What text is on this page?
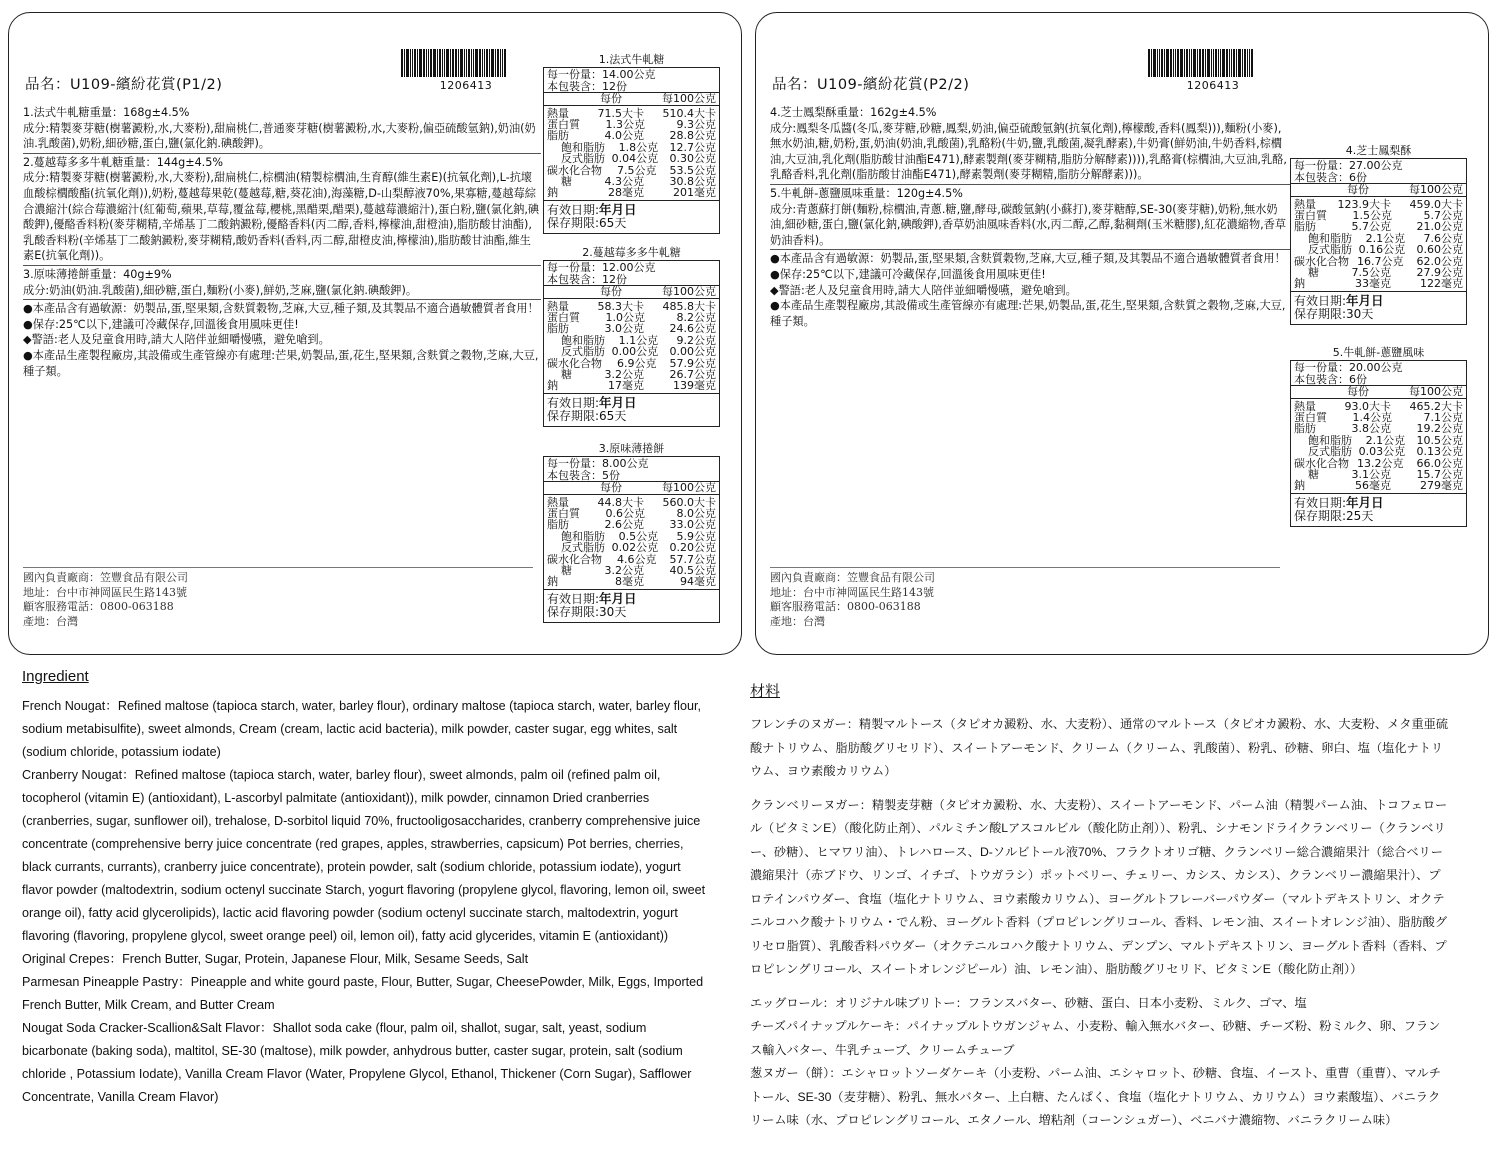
品名：U109-繽紛花賞(P1/2)	1206413
1.法式牛軋糖重量：168g±4.5%
成分:精製麥芽糖(樹薯澱粉,水,大麥粉),甜扁桃仁,普通麥芽糖(樹薯澱粉,水,大麥粉,偏亞硫酸氫鈉),奶油(奶油.乳酸菌),奶粉,細砂糖,蛋白,鹽(氯化鈉.碘酸鉀)。
2.蔓越莓多多牛軋糖重量：144g±4.5%
成分:精製麥芽糖(樹薯澱粉,水,大麥粉),甜扁桃仁,棕櫚油(精製棕櫚油,生育醇(維生素E)(抗氧化劑),L-抗壞血酸棕櫚酸酯(抗氧化劑)),奶粉,蔓越莓果乾(蔓越莓,糖,葵花油),海藻糖,D-山梨醇液70%,果寡糖,蔓越莓綜合濃縮汁(綜合莓濃縮汁(紅葡萄,蘋果,草莓,覆盆莓,櫻桃,黑醋栗,醋栗),蔓越莓濃縮汁),蛋白粉,鹽(氯化鈉,碘酸鉀),優酪香料粉(麥芽糊精,辛烯基丁二酸鈉澱粉,優酪香料(丙二醇,香料,檸檬油,甜橙油),脂肪酸甘油酯),乳酸香料粉(辛烯基丁二酸鈉澱粉,麥芽糊精,酸奶香料(香料,丙二醇,甜橙皮油,檸檬油),脂肪酸甘油酯,維生素E(抗氧化劑))。
3.原味薄捲餅重量：40g±9%
成分:奶油(奶油.乳酸菌),細砂糖,蛋白,麵粉(小麥),鮮奶,芝麻,鹽(氯化鈉.碘酸鉀)。
●本產品含有過敏源：奶製品,蛋,堅果類,含麩質穀物,芝麻,大豆,種子類,及其製品不適合過敏體質者食用！
●保存:25℃以下,建議可冷藏保存,回溫後食用風味更佳!
◆警語:老人及兒童食用時,請大人陪伴並細嚼慢嚥，避免嗆到。
●本產品生產製程廠房,其設備或生產管線亦有處理:芒果,奶製品,蛋,花生,堅果類,含麩質之穀物,芝麻,大豆,種子類。
國內負責廠商：笠豐食品有限公司
地址：台中市神岡區民生路143號
顧客服務電話：0800-063188
產地：台灣
品名：U109-繽紛花賞(P2/2)	1206413
4.芝士鳳梨酥重量：162g±4.5%
成分:鳳梨冬瓜醬(冬瓜,麥芽糖,砂糖,鳳梨,奶油,偏亞硫酸氫鈉(抗氧化劑),檸檬酸,香料(鳳梨))),麵粉(小麥),無水奶油,糖,奶粉,蛋,奶油(奶油,乳酸菌),乳酪粉(牛奶,鹽,乳酸菌,凝乳酵素),牛奶膏(鮮奶油,牛奶香料,棕櫚油,大豆油,乳化劑(脂肪酸甘油酯E471),酵素製劑(麥芽糊精,脂肪分解酵素)))),乳酪膏(棕櫚油,大豆油,乳酪,乳酪香料,乳化劑(脂肪酸甘油酯E471),酵素製劑(麥芽糊精,脂肪分解酵素)))。
5.牛軋餅-蔥鹽風味重量：120g±4.5%
成分:青蔥蘇打餅(麵粉,棕櫚油,青蔥.糖,鹽,酵母,碳酸氫鈉(小蘇打),麥芽糖醇,SE-30(麥芽糖),奶粉,無水奶油,細砂糖,蛋白,鹽(氯化鈉,碘酸鉀),香草奶油風味香料(水,丙二醇,乙醇,黏稠劑(玉米糖膠),紅花濃縮物,香草奶油香料)。
●本產品含有過敏源：奶製品,蛋,堅果類,含麩質穀物,芝麻,大豆,種子類,及其製品不適合過敏體質者食用！
●保存:25℃以下,建議可冷藏保存,回溫後食用風味更佳!
◆警語:老人及兒童食用時,請大人陪伴並細嚼慢嚥，避免嗆到。
●本產品生產製程廠房,其設備或生產管線亦有處理:芒果,奶製品,蛋,花生,堅果類,含麩質之穀物,芝麻,大豆,種子類。
國內負責廠商：笠豐食品有限公司
地址：台中市神岡區民生路143號
顧客服務電話：0800-063188
產地：台灣
1.法式牛軋糖
每一份量：14.00公克
本包裝含：12份
每份	每100公克
熱量	71.5大卡	510.4大卡
蛋白質	1.3公克	9.3公克
脂肪	4.0公克	28.8公克
飽和脂肪	1.8公克	12.7公克
反式脂肪 0.04公克	0.30公克
碳水化合物	7.5公克	53.5公克
糖	4.3公克	30.8公克
鈉	28毫克	201毫克
有效日期:年月日
保存期限:65天
2.蔓越莓多多牛軋糖
每一份量：12.00公克
本包裝含：12份
每份	每100公克
熱量	58.3大卡	485.8大卡
蛋白質	1.0公克	8.2公克
脂肪	3.0公克	24.6公克
飽和脂肪	1.1公克	9.2公克
反式脂肪 0.00公克	0.00公克
碳水化合物	6.9公克	57.9公克
糖	3.2公克	26.7公克
鈉	17毫克	139毫克
有效日期:年月日
保存期限:65天
3.原味薄捲餅
每一份量：8.00公克
本包裝含：5份
每份	每100公克
熱量	44.8大卡	560.0大卡
蛋白質	0.6公克	8.0公克
脂肪	2.6公克	33.0公克
飽和脂肪	0.5公克	5.9公克
反式脂肪 0.02公克	0.20公克
碳水化合物	4.6公克	57.7公克
糖	3.2公克	40.5公克
鈉	8毫克	94毫克
有效日期:年月日
保存期限:30天
4.芝士鳳梨酥
每一份量：27.00公克
本包裝含：6份
每份	每100公克
熱量	123.9大卡	459.0大卡
蛋白質	1.5公克	5.7公克
脂肪	5.7公克	21.0公克
飽和脂肪	2.1公克	7.6公克
反式脂肪 0.16公克	0.60公克
碳水化合物 16.7公克	62.0公克
糖	7.5公克	27.9公克
鈉	33毫克	122毫克
有效日期:年月日
保存期限:30天
5.牛軋餅-蔥鹽風味
每一份量：20.00公克
本包裝含：6份
每份	每100公克
熱量	93.0大卡	465.2大卡
蛋白質	1.4公克	7.1公克
脂肪	3.8公克	19.2公克
飽和脂肪	2.1公克	10.5公克
反式脂肪 0.03公克	0.13公克
碳水化合物 13.2公克	66.0公克
糖	3.1公克	15.7公克
鈉	56毫克	279毫克
有效日期:年月日
保存期限:25天
Ingredient
French Nougat：Refined maltose (tapioca starch, water, barley flour), ordinary maltose (tapioca starch, water, barley flour, sodium metabisulfite), sweet almonds, Cream (cream, lactic acid bacteria), milk powder, caster sugar, egg whites, salt (sodium chloride, potassium iodate)
Cranberry Nougat：Refined maltose (tapioca starch, water, barley flour), sweet almonds, palm oil (refined palm oil, tocopherol (vitamin E) (antioxidant), L-ascorbyl palmitate (antioxidant)), milk powder, cinnamon Dried cranberries (cranberries, sugar, sunflower oil), trehalose, D-sorbitol liquid 70%, fructooligosaccharides, cranberry comprehensive juice concentrate (comprehensive berry juice concentrate (red grapes, apples, strawberries, capsicum) Pot berries, cherries, black currants, currants), cranberry juice concentrate), protein powder, salt (sodium chloride, potassium iodate), yogurt flavor powder (maltodextrin, sodium octenyl succinate Starch, yogurt flavoring (propylene glycol, flavoring, lemon oil, sweet orange oil), fatty acid glycerolipids), lactic acid flavoring powder (sodium octenyl succinate starch, maltodextrin, yogurt flavoring (flavoring, propylene glycol, sweet orange peel) oil, lemon oil), fatty acid glycerides, vitamin E (antioxidant))
Original Crepes：French Butter, Sugar, Protein, Japanese Flour, Milk, Sesame Seeds, Salt
Parmesan Pineapple Pastry：Pineapple and white gourd paste, Flour, Butter, Sugar, CheesePowder, Milk, Eggs, Imported French Butter, Milk Cream, and Butter Cream
Nougat Soda Cracker-Scallion&Salt Flavor：Shallot soda cake (flour, palm oil, shallot, sugar, salt, yeast, sodium bicarbonate (baking soda), maltitol, SE-30 (maltose), milk powder, anhydrous butter, caster sugar, protein, salt (sodium chloride , Potassium Iodate), Vanilla Cream Flavor (Water, Propylene Glycol, Ethanol, Thickener (Corn Sugar), Safflower Concentrate, Vanilla Cream Flavor)
材料
フレンチのヌガー：精製マルトース（タピオカ澱粉、水、大麦粉）、通常のマルトース（タピオカ澱粉、水、大麦粉、メタ重亜硫酸ナトリウム、脂肪酸グリセリド）、スイートアーモンド、クリーム（クリーム、乳酸菌）、粉乳、砂糖、卵白、塩（塩化ナトリウム、ヨウ素酸カリウム）
クランベリーヌガー：精製麦芽糖（タピオカ澱粉、水、大麦粉）、スイートアーモンド、パーム油（精製パーム油、トコフェロール（ビタミンE）（酸化防止剤）、パルミチン酸Lアスコルビル（酸化防止剤））、粉乳、シナモンドライクランベリー（クランベリー、砂糖）、ヒマワリ油）、トレハロース、D-ソルビトール液70%、フラクトオリゴ糖、クランベリー総合濃縮果汁（総合ベリー濃縮果汁（赤ブドウ、リンゴ、イチゴ、トウガラシ）ポットベリー、チェリー、カシス、カシス）、クランベリー濃縮果汁）、プロテインパウダー、食塩（塩化ナトリウム、ヨウ素酸カリウム）、ヨーグルトフレーバーパウダー（マルトデキストリン、オクテニルコハク酸ナトリウム・でん粉、ヨーグルト香料（プロピレングリコール、香料、レモン油、スイートオレンジ油）、脂肪酸グリセロ脂質）、乳酸香料パウダー（オクテニルコハク酸ナトリウム、デンプン、マルトデキストリン、ヨーグルト香料（香料、プロピレングリコール、スイートオレンジピール）油、レモン油）、脂肪酸グリセリド、ビタミンE（酸化防止剤））
エッグロール：オリジナル味ブリトー：フランスバター、砂糖、蛋白、日本小麦粉、ミルク、ゴマ、塩
チーズパイナップルケーキ：パイナップルトウガンジャム、小麦粉、輸入無水バター、砂糖、チーズ粉、粉ミルク、卵、フランス輸入バター、牛乳チューブ、クリームチューブ
葱ヌガー（餅）：エシャロットソーダケーキ（小麦粉、パーム油、エシャロット、砂糖、食塩、イースト、重曹（重曹）、マルチトール、SE-30（麦芽糖）、粉乳、無水バター、上白糖、たんぱく、食塩（塩化ナトリウム、カリウム）ヨウ素酸塩）、バニラクリーム味（水、プロピレングリコール、エタノール、増粘剤（コーンシュガー）、ベニバナ濃縮物、バニラクリーム味）
